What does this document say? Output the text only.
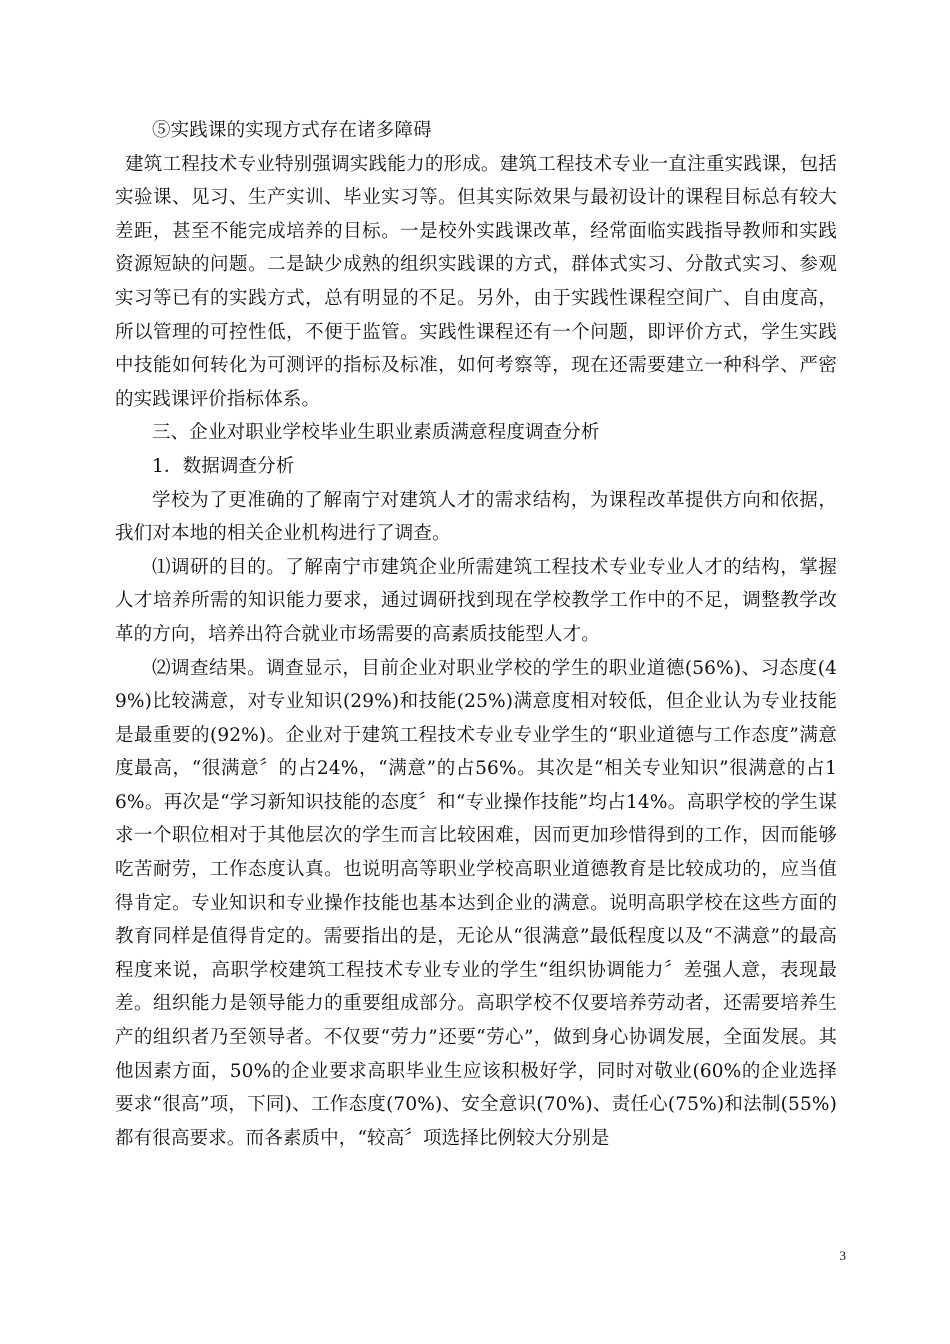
⑤实践课的实现方式存在诸多障碍

建筑工程技术专业特别强调实践能力的形成。建筑工程技术专业一直注重实践课，包括实验课、见习、生产实训、毕业实习等。但其实际效果与最初设计的课程目标总有较大差距，甚至不能完成培养的目标。一是校外实践课改革，经常面临实践指导教师和实践资源短缺的问题。二是缺少成熟的组织实践课的方式，群体式实习、分散式实习、参观实习等已有的实践方式，总有明显的不足。另外，由于实践性课程空间广、自由度高，所以管理的可控性低，不便于监管。实践性课程还有一个问题，即评价方式，学生实践中技能如何转化为可测评的指标及标准，如何考察等，现在还需要建立一种科学、严密的实践课评价指标体系。

三、企业对职业学校毕业生职业素质满意程度调查分析

1．数据调查分析

学校为了更准确的了解南宁对建筑人才的需求结构，为课程改革提供方向和依据，我们对本地的相关企业机构进行了调查。

⑴调研的目的。了解南宁市建筑企业所需建筑工程技术专业专业人才的结构，掌握人才培养所需的知识能力要求，通过调研找到现在学校教学工作中的不足，调整教学改革的方向，培养出符合就业市场需要的高素质技能型人才。

⑵调查结果。调查显示，目前企业对职业学校的学生的职业道德(56%)、习态度(49%)比较满意，对专业知识(29%)和技能(25%)满意度相对较低，但企业认为专业技能是最重要的(92%)。企业对于建筑工程技术专业专业学生的“职业道德与工作态度”满意度最高，“很满意〞的占24%，“满意”的占56%。其次是“相关专业知识”很满意的占16%。再次是“学习新知识技能的态度〞和“专业操作技能”均占14%。高职学校的学生谋求一个职位相对于其他层次的学生而言比较困难，因而更加珍惜得到的工作，因而能够吃苦耐劳，工作态度认真。也说明高等职业学校高职业道德教育是比较成功的，应当值得肯定。专业知识和专业操作技能也基本达到企业的满意。说明高职学校在这些方面的教育同样是值得肯定的。需要指出的是，无论从“很满意”最低程度以及“不满意”的最高程度来说，高职学校建筑工程技术专业专业的学生“组织协调能力〞差强人意，表现最差。组织能力是领导能力的重要组成部分。高职学校不仅要培养劳动者，还需要培养生产的组织者乃至领导者。不仅要“劳力”还要“劳心”，做到身心协调发展，全面发展。其他因素方面，50%的企业要求高职毕业生应该积极好学，同时对敬业(60%的企业选择要求“很高”项，下同)、工作态度(70%)、安全意识(70%)、责任心(75%)和法制(55%)都有很高要求。而各素质中，“较高〞项选择比例较大分别是

3
